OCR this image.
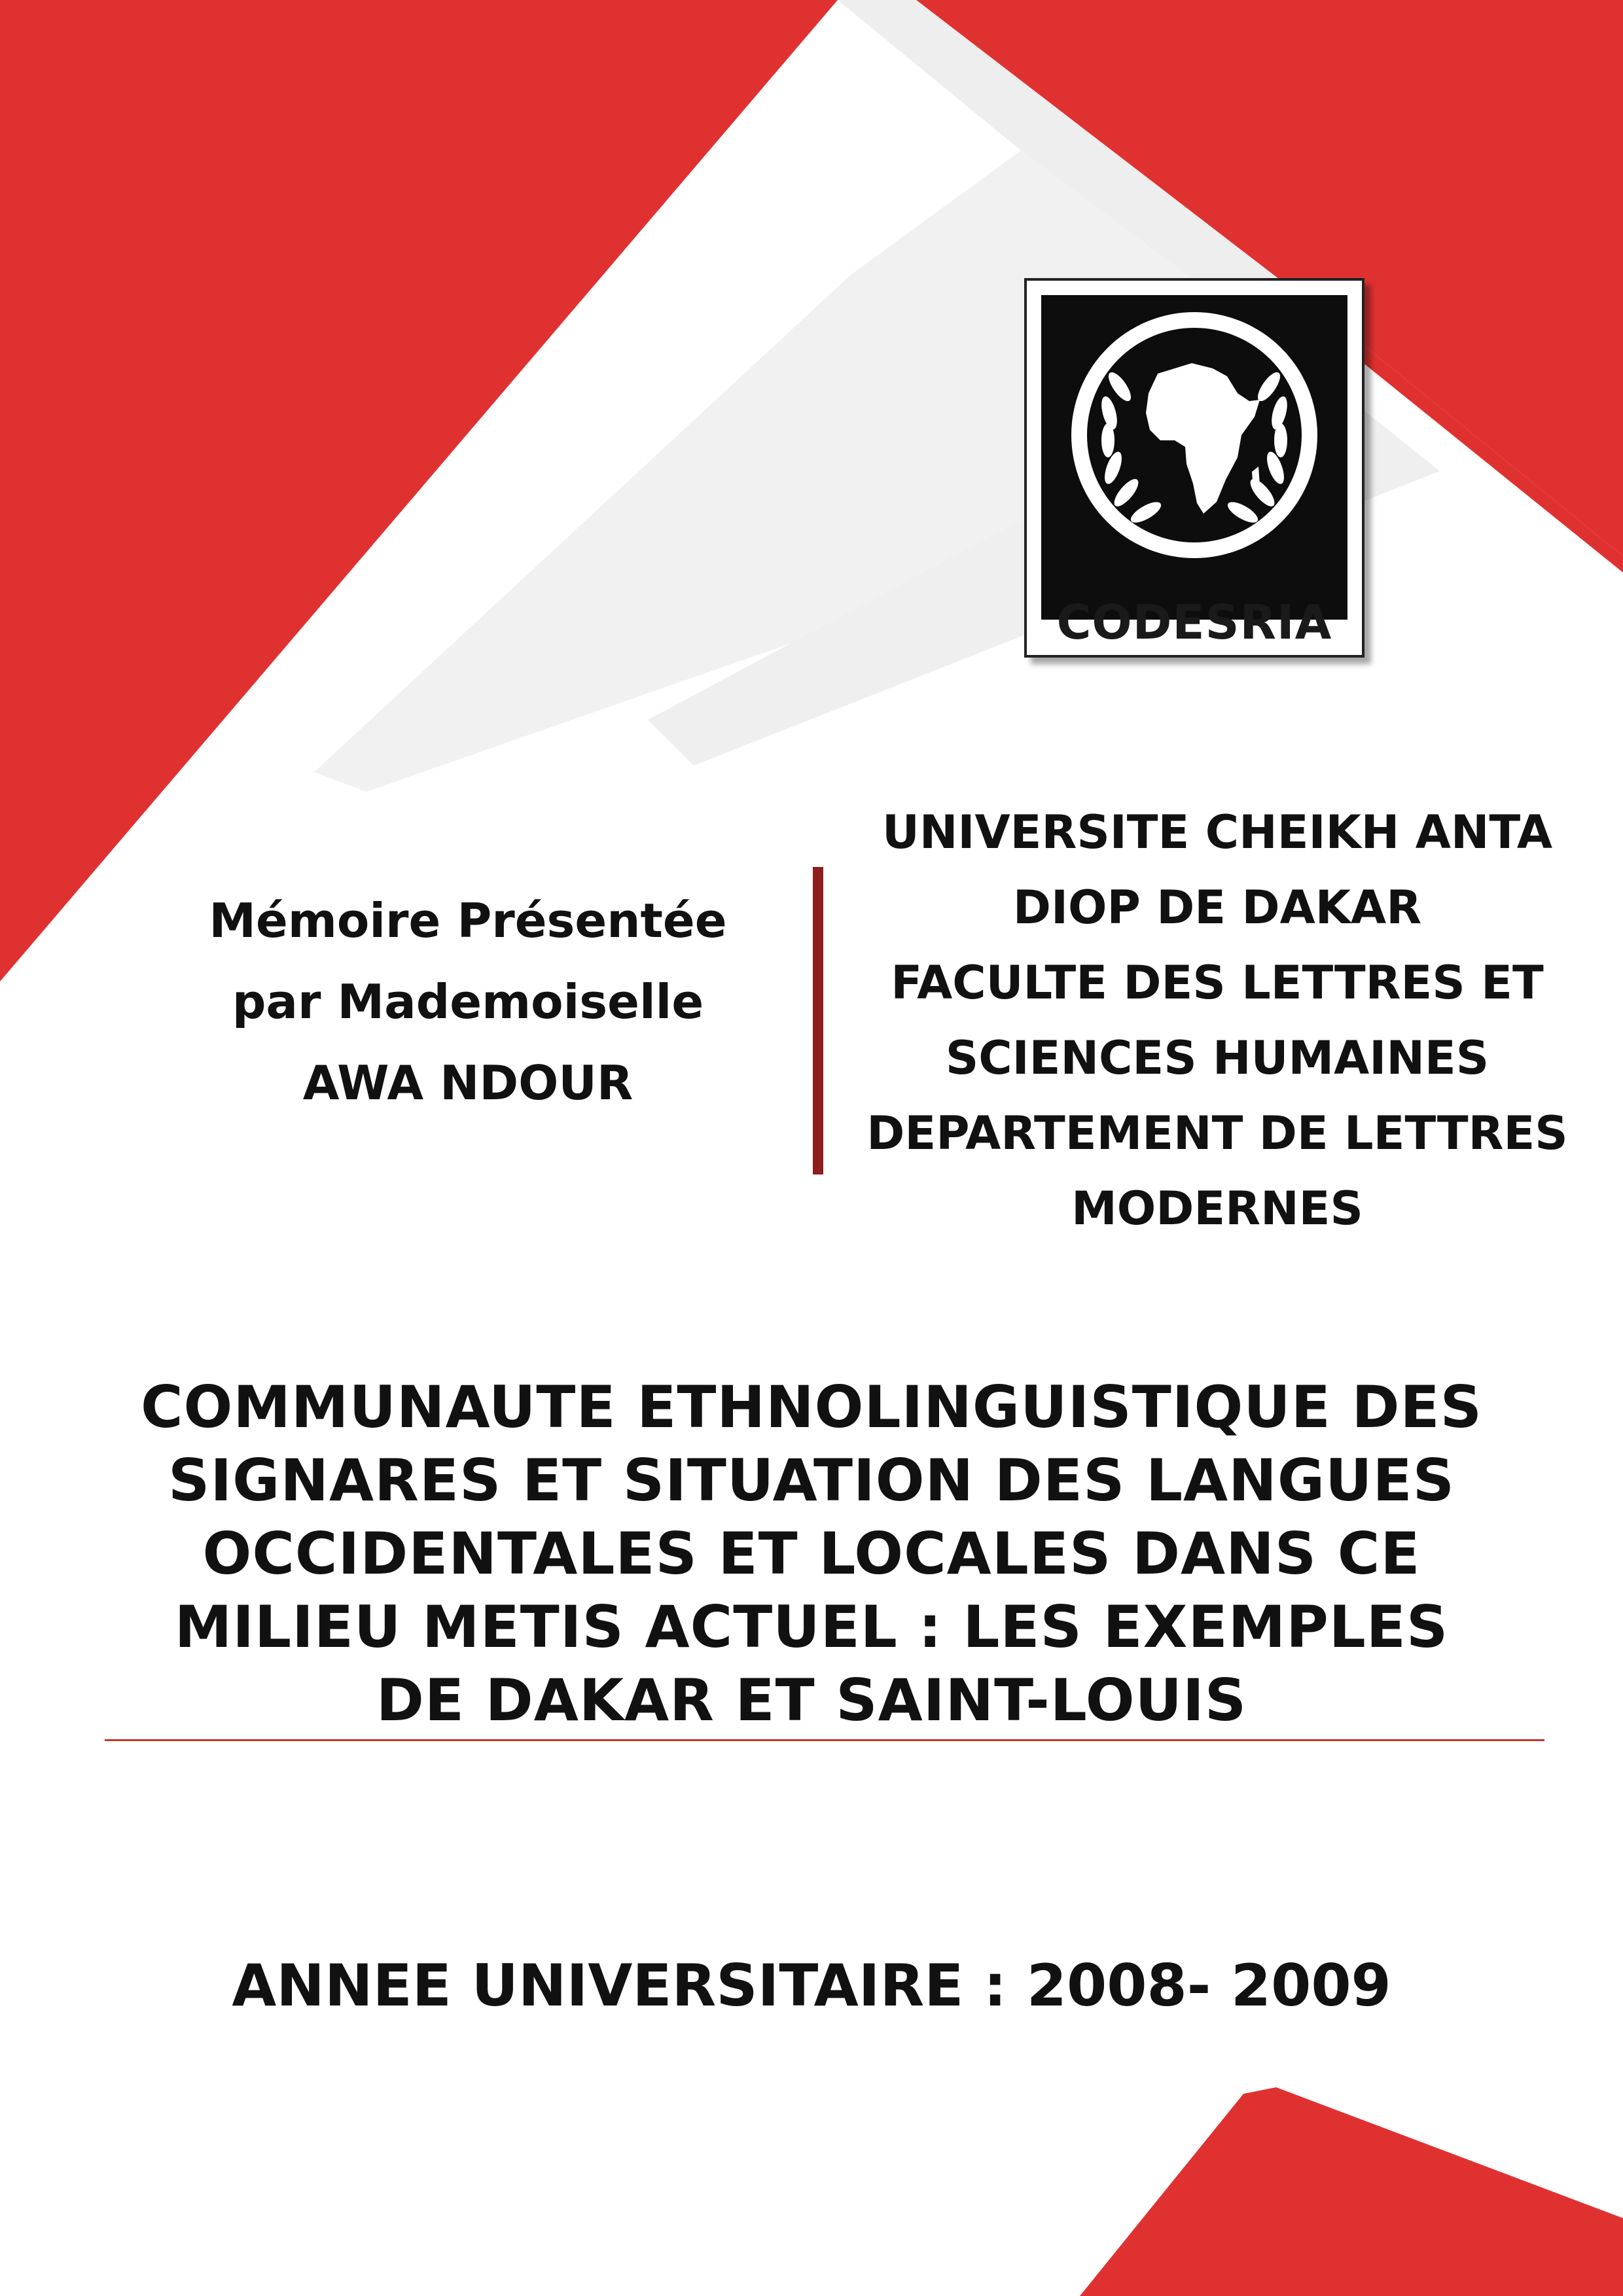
CODESRIA
Mémoire Présentée
par Mademoiselle
AWA NDOUR
UNIVERSITE CHEIKH ANTA
DIOP DE DAKAR
FACULTE DES LETTRES ET
SCIENCES HUMAINES
DEPARTEMENT DE LETTRES
MODERNES
COMMUNAUTE ETHNOLINGUISTIQUE DES
SIGNARES ET SITUATION DES LANGUES
OCCIDENTALES ET LOCALES DANS CE
MILIEU METIS ACTUEL : LES EXEMPLES
DE DAKAR ET SAINT-LOUIS
ANNEE UNIVERSITAIRE : 2008- 2009
